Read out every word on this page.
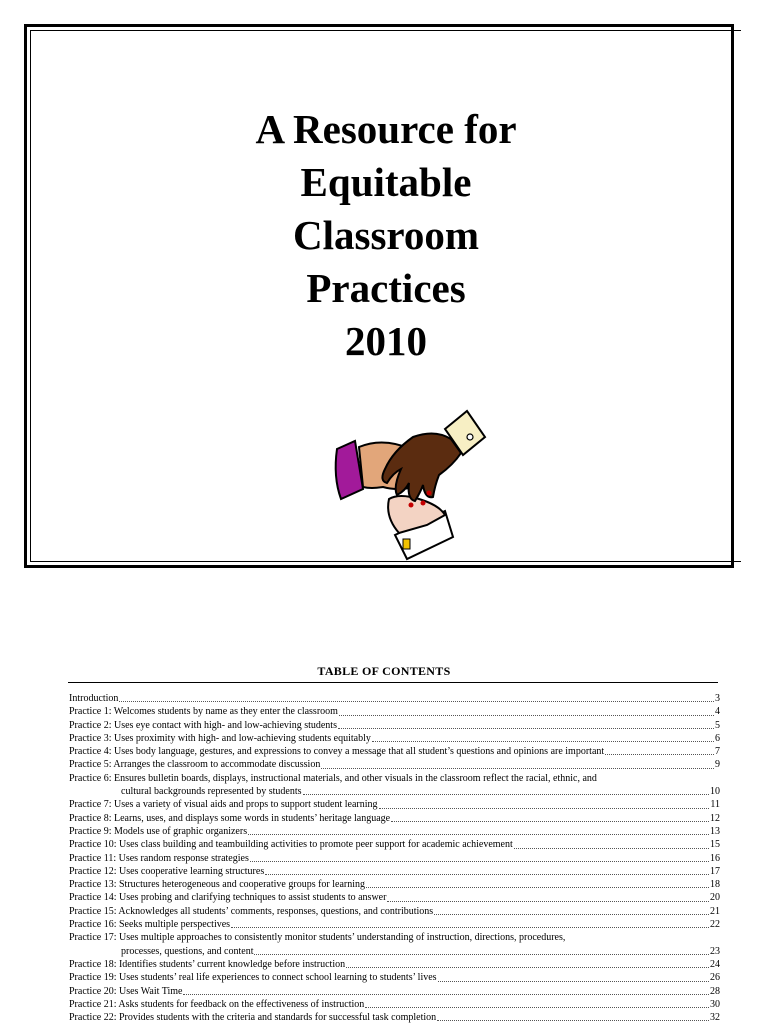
A Resource for
Equitable
Classroom
Practices
2010
TABLE OF CONTENTS
Introduction	3
Practice 1: Welcomes students by name as they enter the classroom	4
Practice 2: Uses eye contact with high- and low-achieving students	5
Practice 3: Uses proximity with high- and low-achieving students equitably	6
Practice 4: Uses body language, gestures, and expressions to convey a message that all student’s questions and opinions are important	7
Practice 5: Arranges the classroom to accommodate discussion	9
Practice 6: Ensures bulletin boards, displays, instructional materials, and other visuals in the classroom reflect the racial, ethnic, and
cultural backgrounds represented by students	10
Practice 7: Uses a variety of visual aids and props to support student learning	11
Practice 8: Learns, uses, and displays some words in students’ heritage language	12
Practice 9: Models use of graphic organizers	13
Practice 10: Uses class building and teambuilding activities to promote peer support for academic achievement	15
Practice 11: Uses random response strategies	16
Practice 12: Uses cooperative learning structures	17
Practice 13: Structures heterogeneous and cooperative groups for learning	18
Practice 14: Uses probing and clarifying techniques to assist students to answer	20
Practice 15: Acknowledges all students’ comments, responses, questions, and contributions	21
Practice 16: Seeks multiple perspectives	22
Practice 17: Uses multiple approaches to consistently monitor students’ understanding of instruction, directions, procedures,
processes, questions, and content	23
Practice 18: Identifies students’ current knowledge before instruction	24
Practice 19: Uses students’ real life experiences to connect school learning to students’ lives	26
Practice 20: Uses Wait Time	28
Practice 21: Asks students for feedback on the effectiveness of instruction	30
Practice 22: Provides students with the criteria and standards for successful task completion	32
